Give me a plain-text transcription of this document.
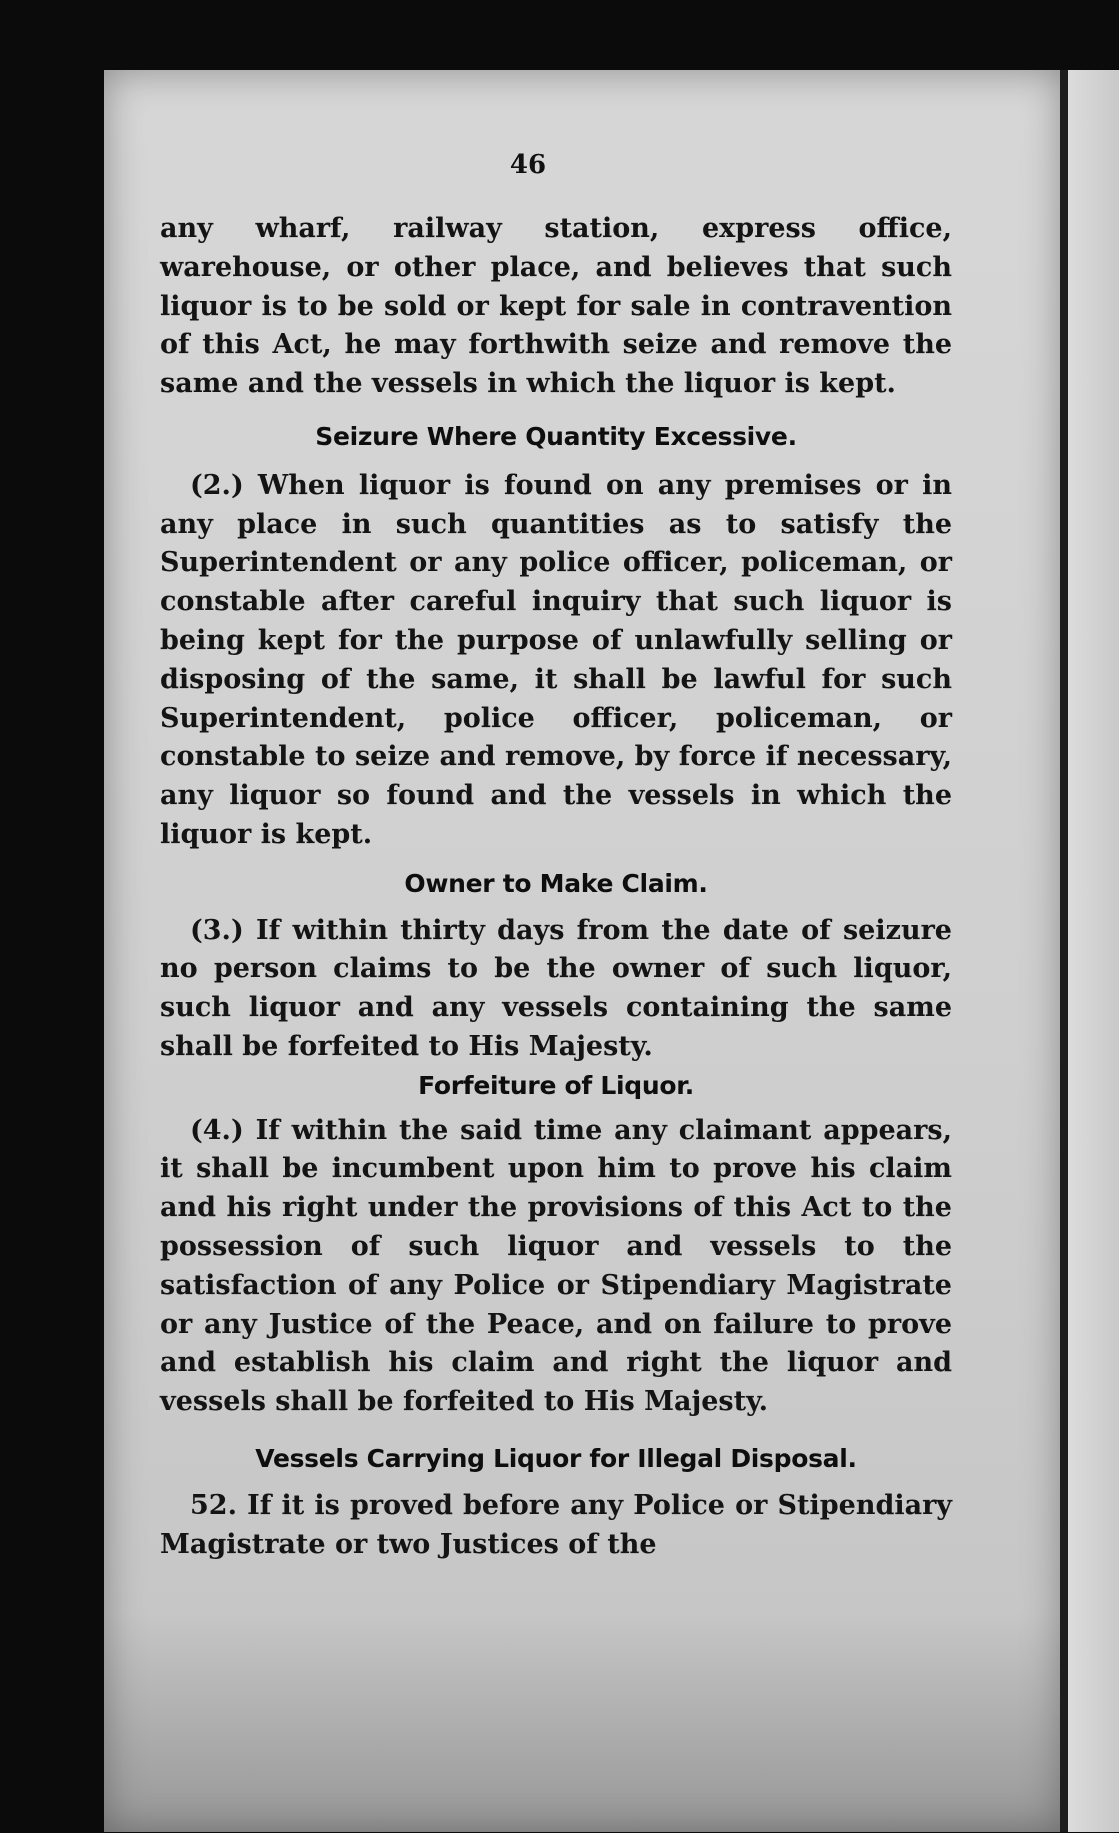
46

any wharf, railway station, express office, warehouse, or other place, and believes that such liquor is to be sold or kept for sale in contravention of this Act, he may forthwith seize and remove the same and the vessels in which the liquor is kept.

Seizure Where Quantity Excessive.

(2.) When liquor is found on any premises or in any place in such quantities as to satisfy the Superintendent or any police officer, policeman, or constable after careful inquiry that such liquor is being kept for the purpose of unlawfully selling or disposing of the same, it shall be lawful for such Superintendent, police officer, policeman, or constable to seize and remove, by force if necessary, any liquor so found and the vessels in which the liquor is kept.

Owner to Make Claim.

(3.) If within thirty days from the date of seizure no person claims to be the owner of such liquor, such liquor and any vessels containing the same shall be forfeited to His Majesty.

Forfeiture of Liquor.

(4.) If within the said time any claimant appears, it shall be incumbent upon him to prove his claim and his right under the provisions of this Act to the possession of such liquor and vessels to the satisfaction of any Police or Stipendiary Magistrate or any Justice of the Peace, and on failure to prove and establish his claim and right the liquor and vessels shall be forfeited to His Majesty.

Vessels Carrying Liquor for Illegal Disposal.

52. If it is proved before any Police or Stipendiary Magistrate or two Justices of the
